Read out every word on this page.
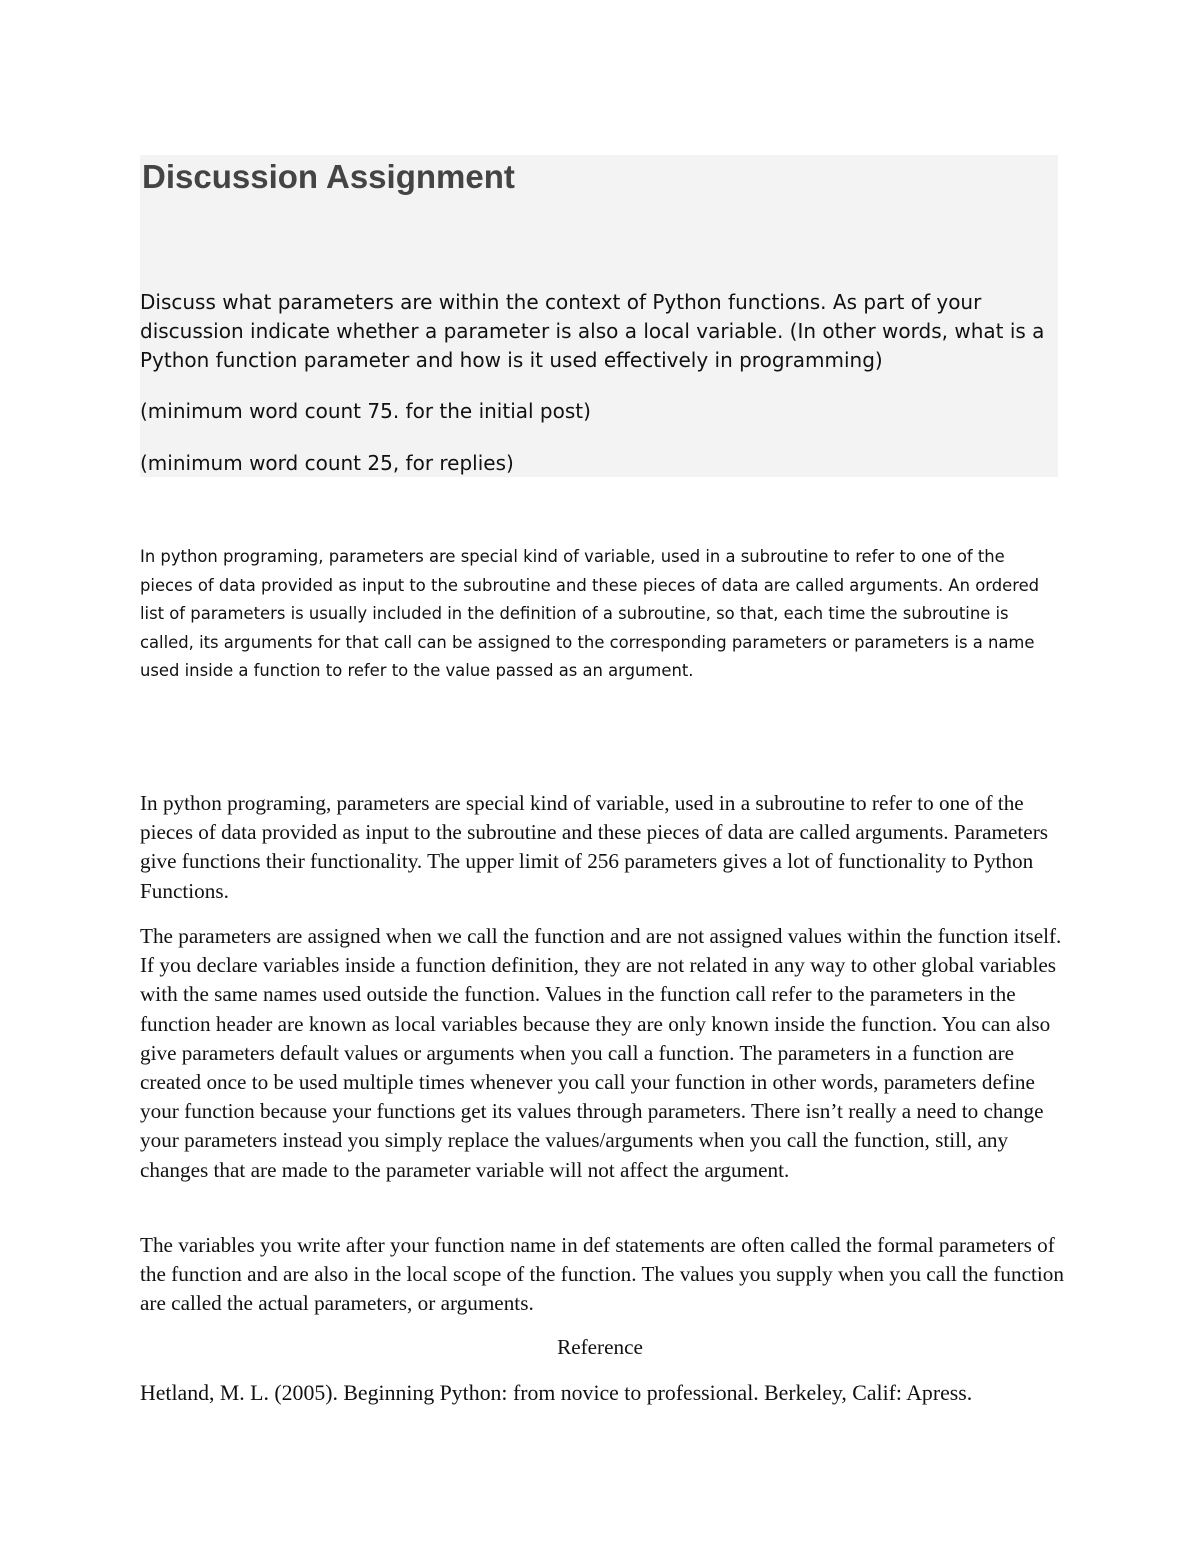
Discussion Assignment

Discuss what parameters are within the context of Python functions. As part of your discussion indicate whether a parameter is also a local variable. (In other words, what is a Python function parameter and how is it used effectively in programming)

(minimum word count 75. for the initial post)

(minimum word count 25, for replies)

In python programing, parameters are special kind of variable, used in a subroutine to refer to one of the pieces of data provided as input to the subroutine and these pieces of data are called arguments. An ordered list of parameters is usually included in the definition of a subroutine, so that, each time the subroutine is called, its arguments for that call can be assigned to the corresponding parameters or parameters is a name used inside a function to refer to the value passed as an argument.

In python programing, parameters are special kind of variable, used in a subroutine to refer to one of the pieces of data provided as input to the subroutine and these pieces of data are called arguments. Parameters give functions their functionality. The upper limit of 256 parameters gives a lot of functionality to Python Functions.

The parameters are assigned when we call the function and are not assigned values within the function itself. If you declare variables inside a function definition, they are not related in any way to other global variables with the same names used outside the function. Values in the function call refer to the parameters in the function header are known as local variables because they are only known inside the function. You can also give parameters default values or arguments when you call a function. The parameters in a function are created once to be used multiple times whenever you call your function in other words, parameters define your function because your functions get its values through parameters. There isn’t really a need to change your parameters instead you simply replace the values/arguments when you call the function, still, any changes that are made to the parameter variable will not affect the argument.

The variables you write after your function name in def statements are often called the formal parameters of the function and are also in the local scope of the function. The values you supply when you call the function are called the actual parameters, or arguments.

Reference

Hetland, M. L. (2005). Beginning Python: from novice to professional. Berkeley, Calif: Apress.
